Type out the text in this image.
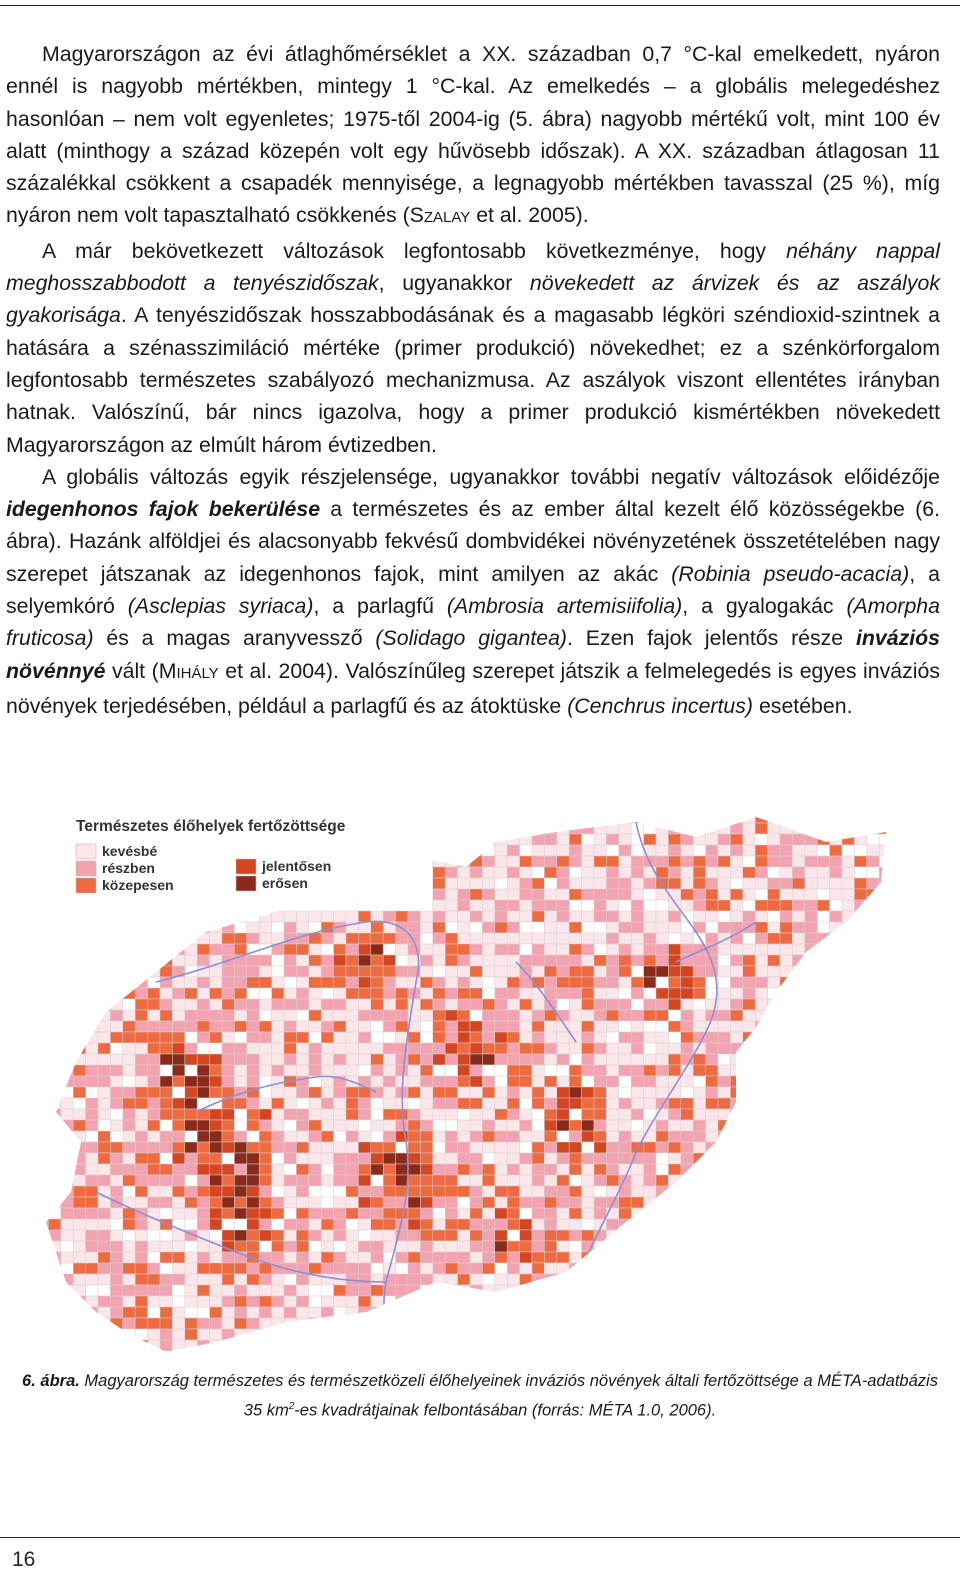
Magyarországon az évi átlaghőmérséklet a XX. században 0,7 °C-kal emelkedett, nyáron ennél is nagyobb mértékben, mintegy 1 °C-kal. Az emelkedés – a globális melegedéshez hasonlóan – nem volt egyenletes; 1975-től 2004-ig (5. ábra) nagyobb mértékű volt, mint 100 év alatt (minthogy a század közepén volt egy hűvösebb időszak). A XX. században átlagosan 11 százalékkal csökkent a csapadék mennyisége, a legnagyobb mértékben tavasszal (25 %), míg nyáron nem volt tapasztalható csökkenés (SZALAY et al. 2005).

A már bekövetkezett változások legfontosabb következménye, hogy néhány nappal meghosszabbodott a tenyészidőszak, ugyanakkor növekedett az árvizek és az aszályok gyakorisága. A tenyészidőszak hosszabbodásának és a magasabb légköri széndioxid-szintnek a hatására a szénasszimiláció mértéke (primer produkció) növekedhet; ez a szénkörforgalom legfontosabb természetes szabályozó mechanizmusa. Az aszályok viszont ellentétes irányban hatnak. Valószínű, bár nincs igazolva, hogy a primer produkció kismértékben növekedett Magyarországon az elmúlt három évtizedben.

A globális változás egyik részjelensége, ugyanakkor további negatív változások előidézője idegenhonos fajok bekerülése a természetes és az ember által kezelt élő közösségekbe (6. ábra). Hazánk alföldjei és alacsonyabb fekvésű dombvidékei növényzetének összetételében nagy szerepet játszanak az idegenhonos fajok, mint amilyen az akác (Robinia pseudo-acacia), a selyemkóró (Asclepias syriaca), a parlagfű (Ambrosia artemisiifolia), a gyalogakác (Amorpha fruticosa) és a magas aranyvessző (Solidago gigantea). Ezen fajok jelentős része inváziós növénnyé vált (MIHÁLY et al. 2004). Valószínűleg szerepet játszik a felmelegedés is egyes inváziós növények terjedésében, például a parlagfű és az átoktüske (Cenchrus incertus) esetében.

Természetes élőhelyek fertőzöttsége
kevésbé
részben
közepesen
jelentősen
erősen
6. ábra. Magyarország természetes és természetközeli élőhelyeinek inváziós növények általi fertőzöttsége a MÉTA-adatbázis 35 $km^2-es$ kvadrátjainak felbontásában (forrás: MÉTA 1.0, 2006).
16
